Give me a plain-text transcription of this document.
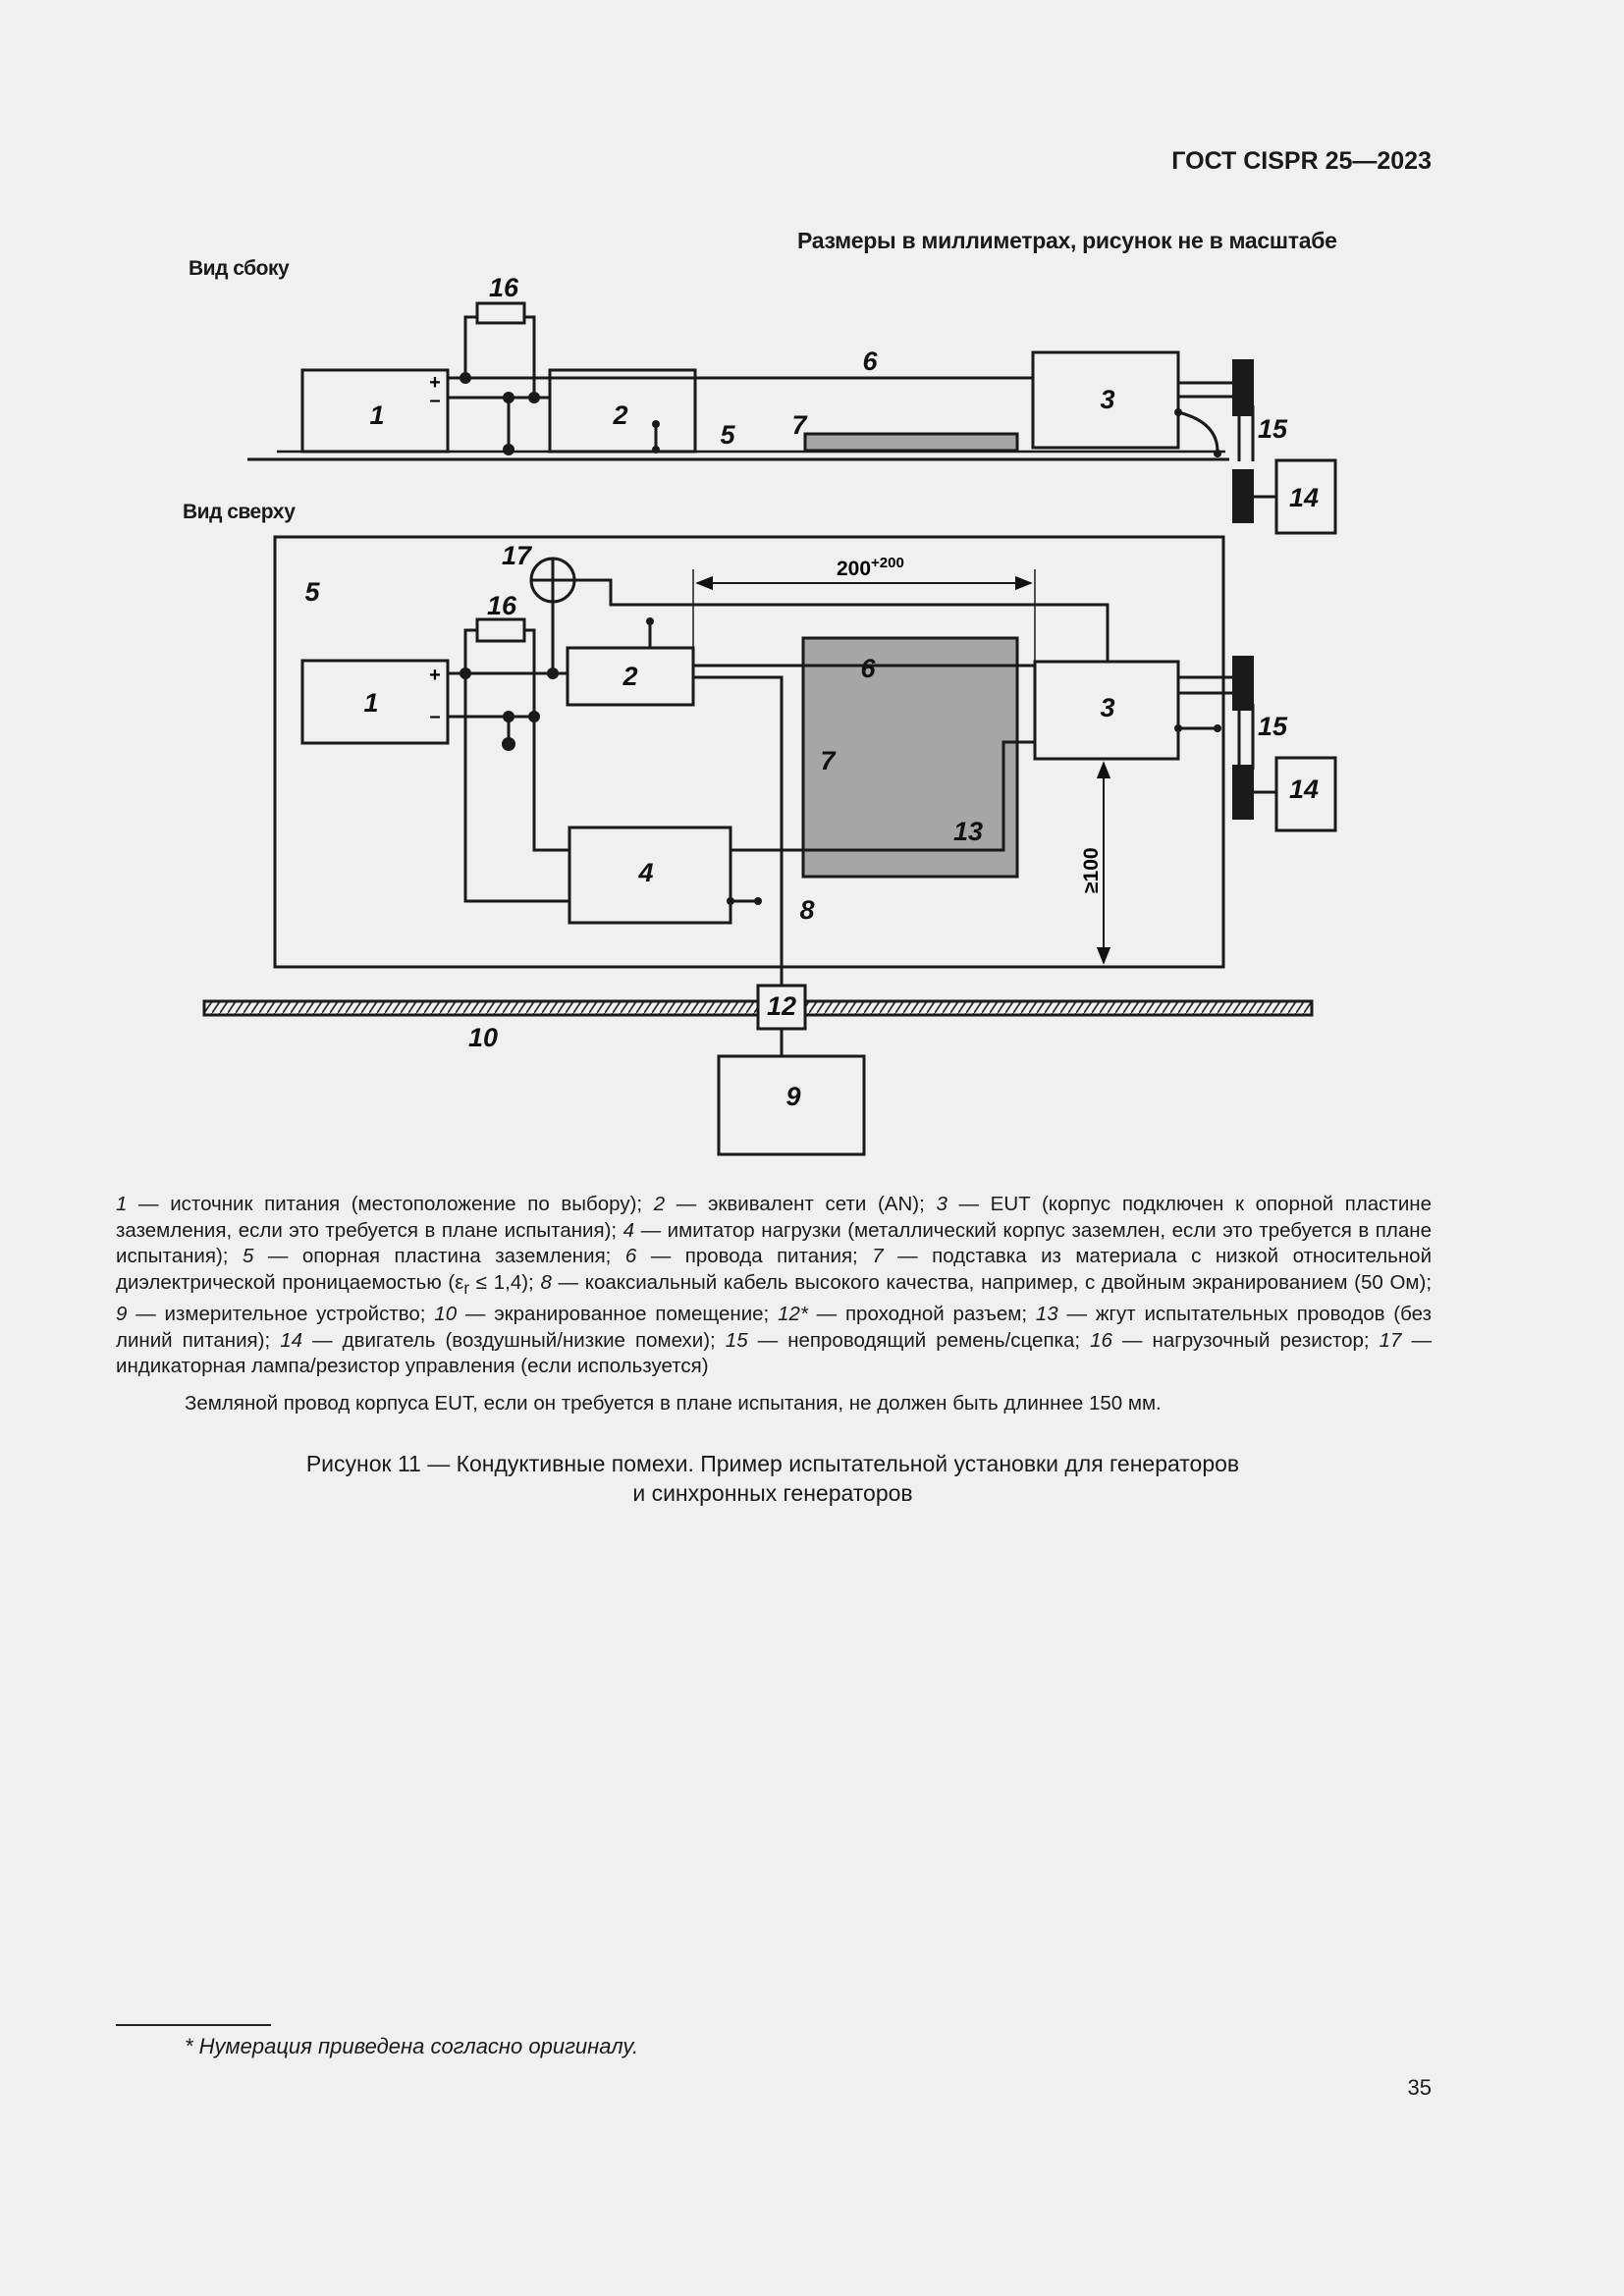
ГОСТ CISPR 25—2023
Размеры в миллиметрах, рисунок не в масштабе
Вид сбоку
Вид сверху
16
1	2
3
6
5 7	15
14
+
–
5
17
16
1
2
3
4
6
7
13
8
15
14
12
10
9
+
–
$200^{+200}$
≥100
1 — источник питания (местоположение по выбору); 2 — эквивалент сети (AN); 3 — EUT (корпус подключен к опорной пластине заземления, если это требуется в плане испытания); 4 — имитатор нагрузки (металлический корпус заземлен, если это требуется в плане испытания); 5 — опорная пластина заземления; 6 — провода питания; 7 — подставка из материала с низкой относительной диэлектрической проницаемостью $(\varepsilon_r \le 1,4)$; 8 — коаксиальный кабель высокого качества, например, с двойным экранированием (50 Ом); 9 — измерительное устройство; 10 — экранированное помещение; 12* — проходной разъем; 13 — жгут испытательных проводов (без линий питания); 14 — двигатель (воздушный/низкие помехи); 15 — непроводящий ремень/сцепка; 16 — нагрузочный резистор; 17 — индикаторная лампа/резистор управления (если используется)
Земляной провод корпуса EUT, если он требуется в плане испытания, не должен быть длиннее 150 мм.
Рисунок 11 — Кондуктивные помехи. Пример испытательной установки для генераторов
и синхронных генераторов
* Нумерация приведена согласно оригиналу.
35
